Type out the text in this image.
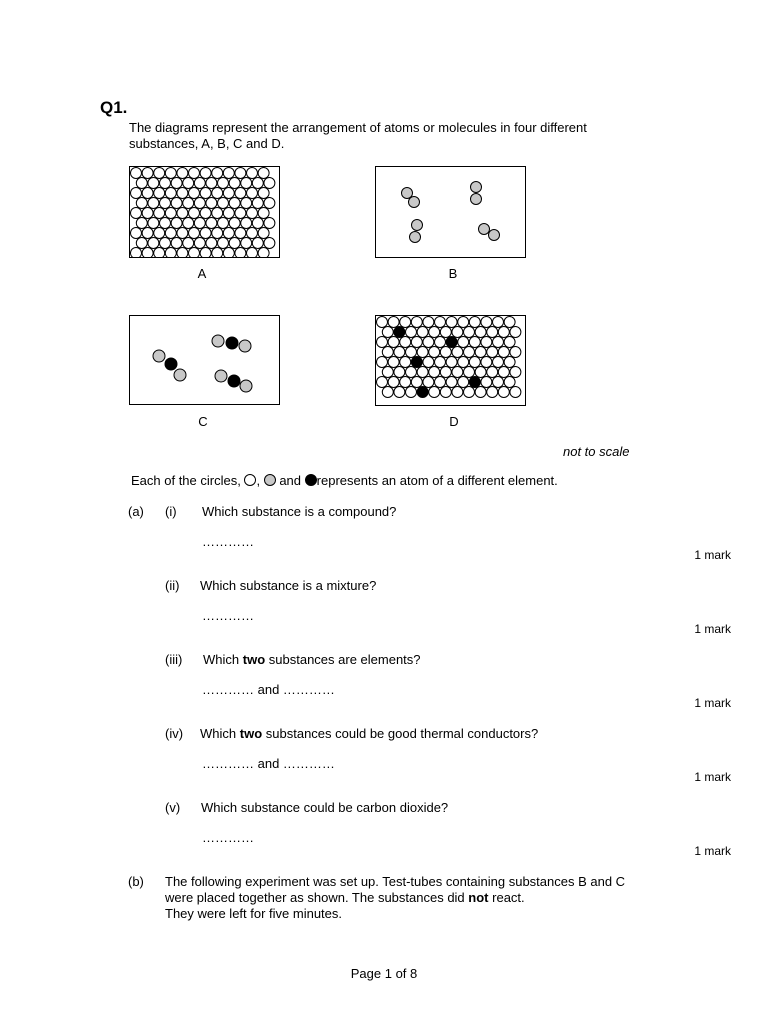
Q1.
The diagrams represent the arrangement of atoms or molecules in four different
substances, A, B, C and D.
A	B
C	D
not to scale
Each of the circles, , and represents an atom of a different element.
(a) (i) Which substance is a compound?
…………
1 mark
(ii) Which substance is a mixture?
…………
1 mark
(iii) Which two substances are elements?
………… and …………
1 mark
(iv) Which two substances could be good thermal conductors?
………… and …………
1 mark
(v) Which substance could be carbon dioxide?
…………
1 mark
(b) The following experiment was set up. Test-tubes containing substances B and C
were placed together as shown. The substances did not react.
They were left for five minutes.
Page 1 of 8
